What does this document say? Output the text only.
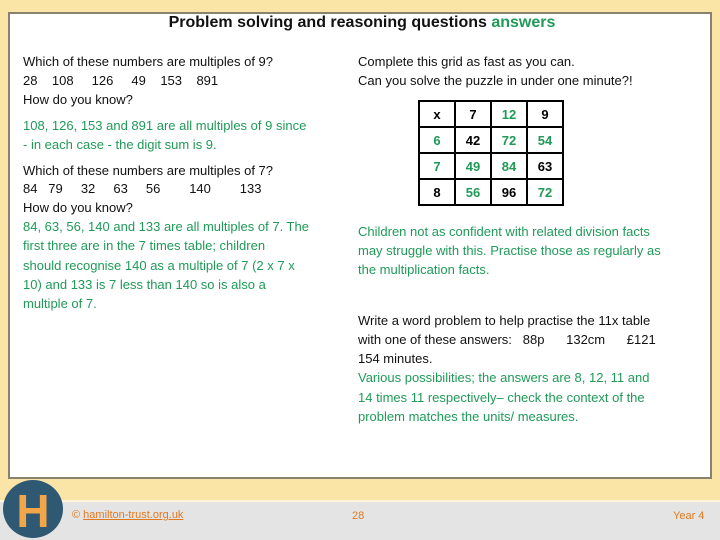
Problem solving and reasoning questions answers
Which of these numbers are multiples of 9?
28    108     126     49    153    891
How do you know?
108, 126, 153 and 891 are all multiples of 9 since
- in each case - the digit sum is 9.
Which of these numbers are multiples of 7?
84   79     32     63     56        140        133
How do you know?
84, 63, 56, 140 and 133 are all multiples of 7. The
first three are in the 7 times table; children
should recognise 140 as a multiple of 7 (2 x 7 x
10) and 133 is 7 less than 140 so is also a
multiple of 7.
Complete this grid as fast as you can.
Can you solve the puzzle in under one minute?!
x	7	12	9
6	42	72	54
7	49	84	63
8	56	96	72
Children not as confident with related division facts
may struggle with this. Practise those as regularly as
the multiplication facts.
Write a word problem to help practise the 11x table
with one of these answers:   88p      132cm      £121
154 minutes.
Various possibilities; the answers are 8, 12, 11 and
14 times 11 respectively– check the context of the
problem matches the units/ measures.
H	© hamilton-trust.org.uk	28	Year 4
